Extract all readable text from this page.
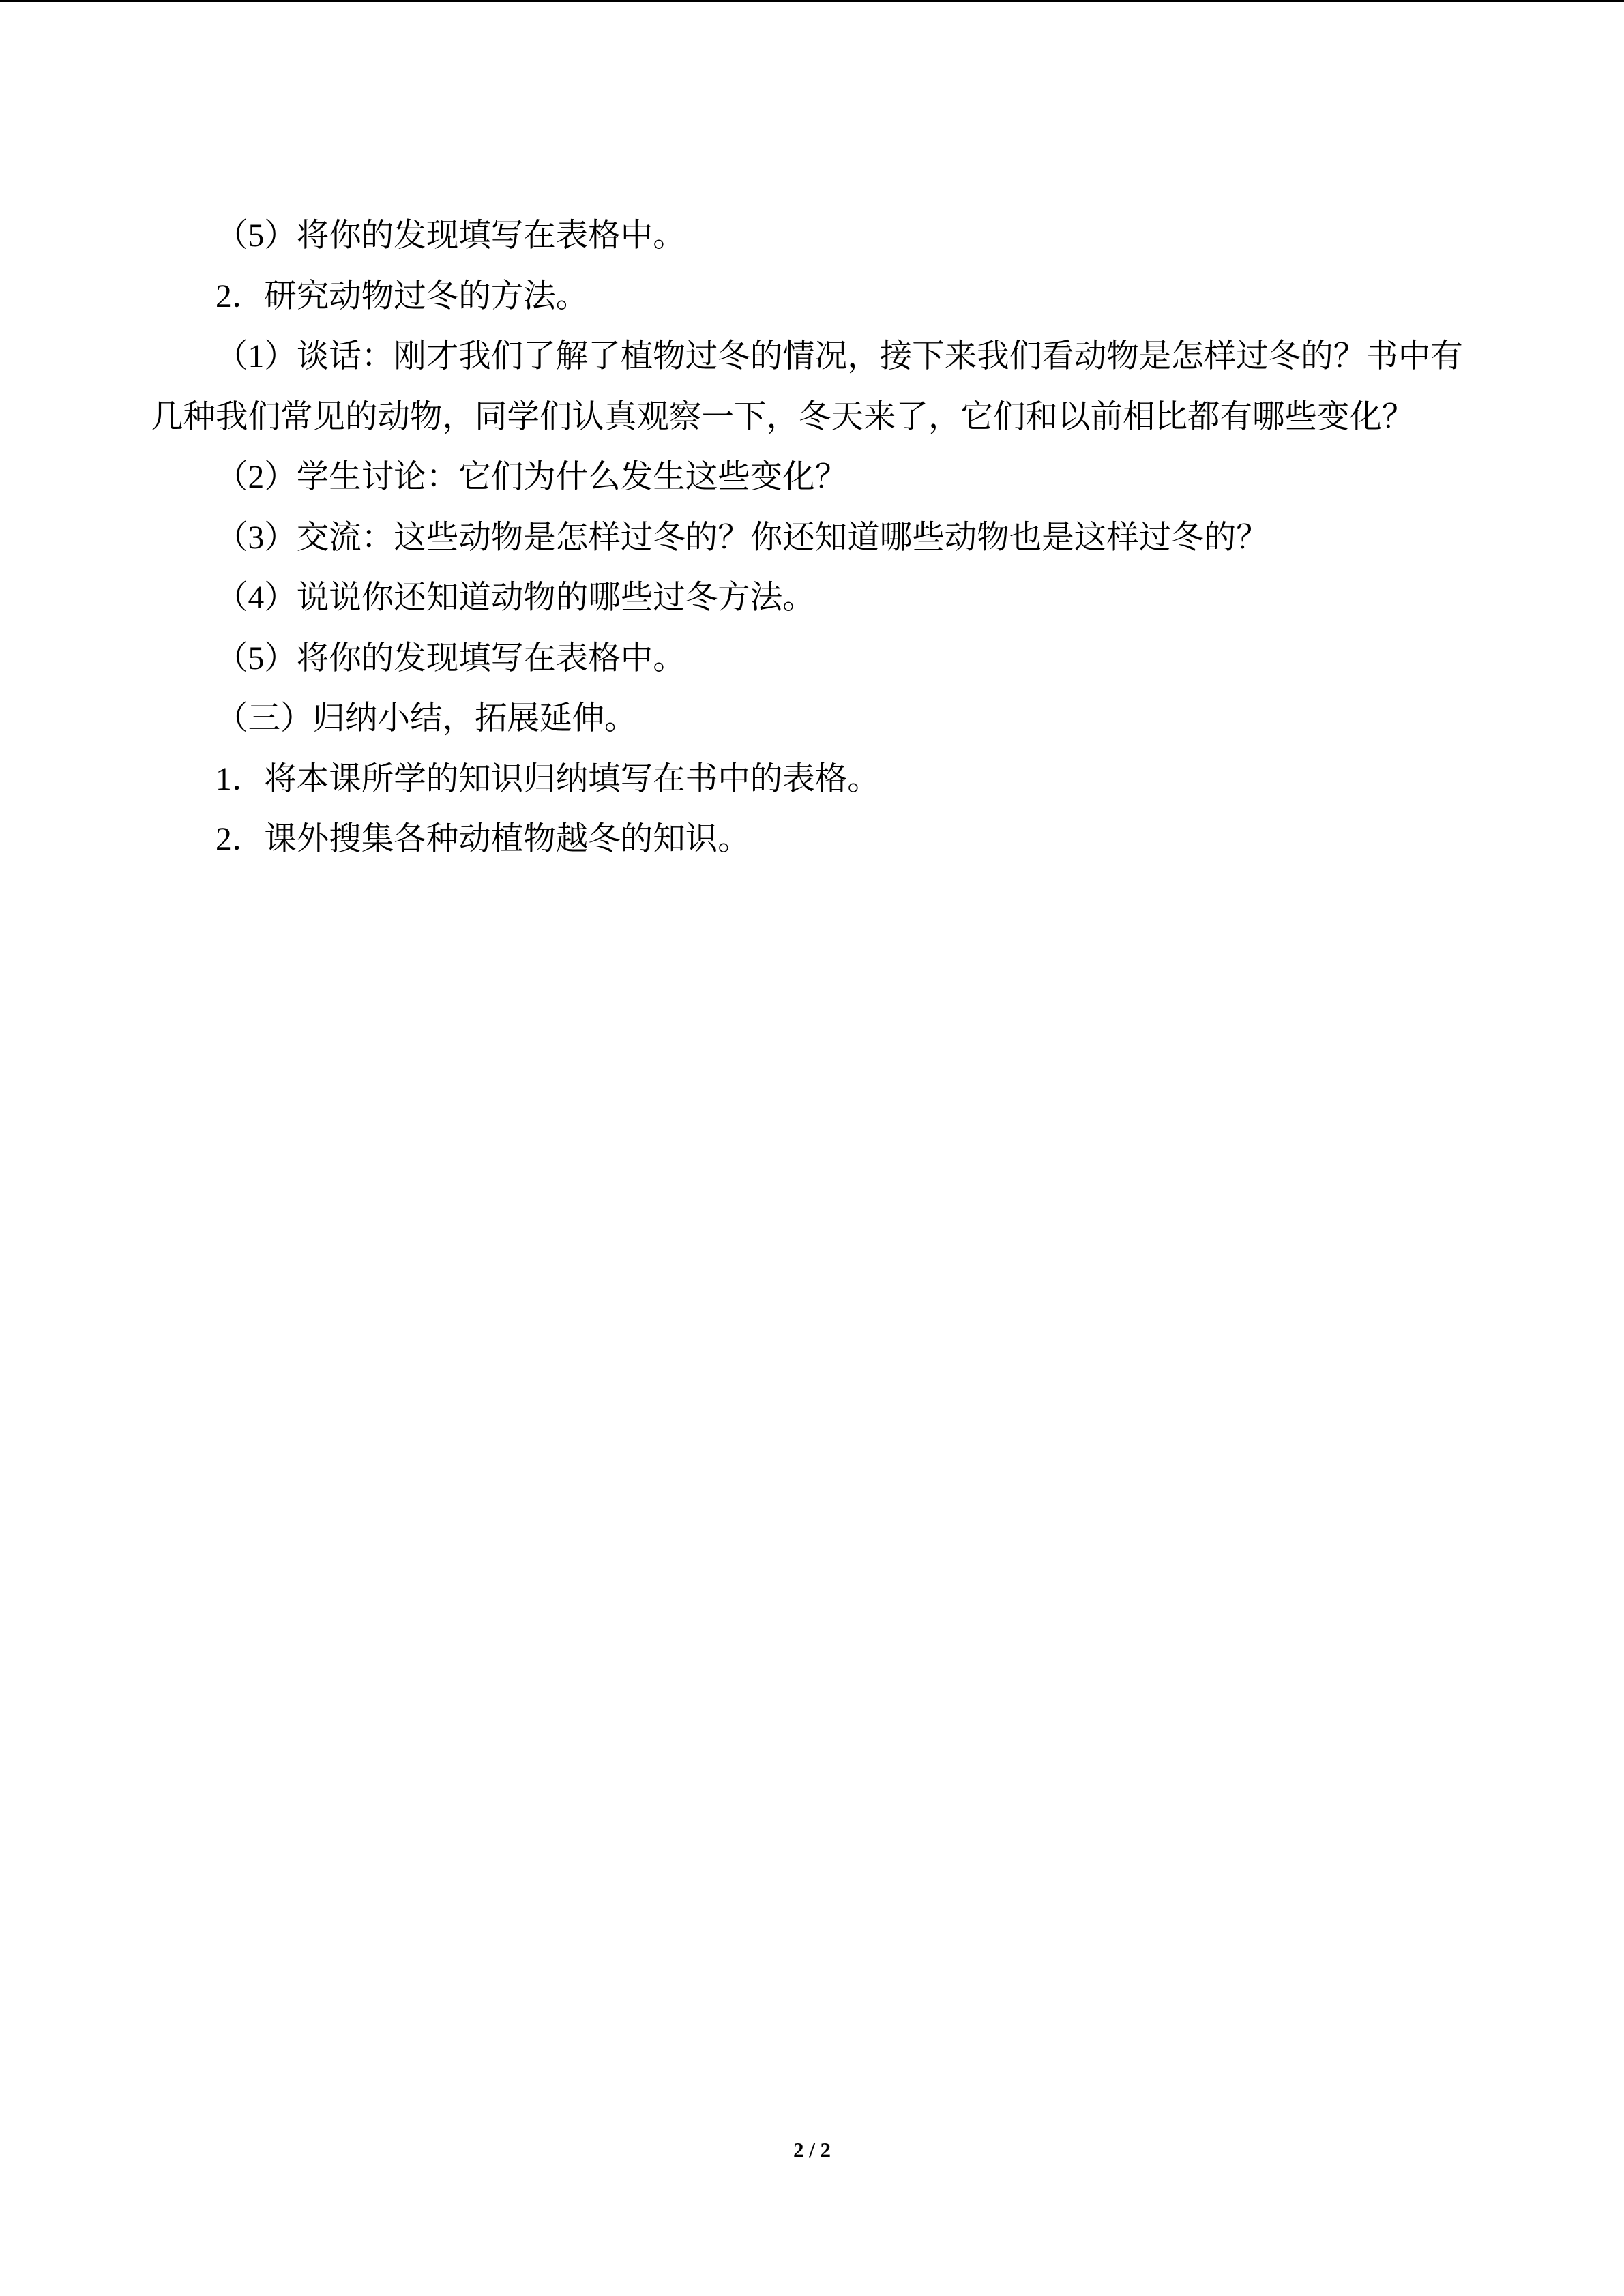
（5）将你的发现填写在表格中。
2．研究动物过冬的方法。
（1）谈话：刚才我们了解了植物过冬的情况，接下来我们看动物是怎样过冬的？书中有
几种我们常见的动物，同学们认真观察一下，冬天来了，它们和以前相比都有哪些变化？
（2）学生讨论：它们为什么发生这些变化？
（3）交流：这些动物是怎样过冬的？你还知道哪些动物也是这样过冬的？
（4）说说你还知道动物的哪些过冬方法。
（5）将你的发现填写在表格中。
（三）归纳小结，拓展延伸。
1．将本课所学的知识归纳填写在书中的表格。
2．课外搜集各种动植物越冬的知识。
2 / 2
